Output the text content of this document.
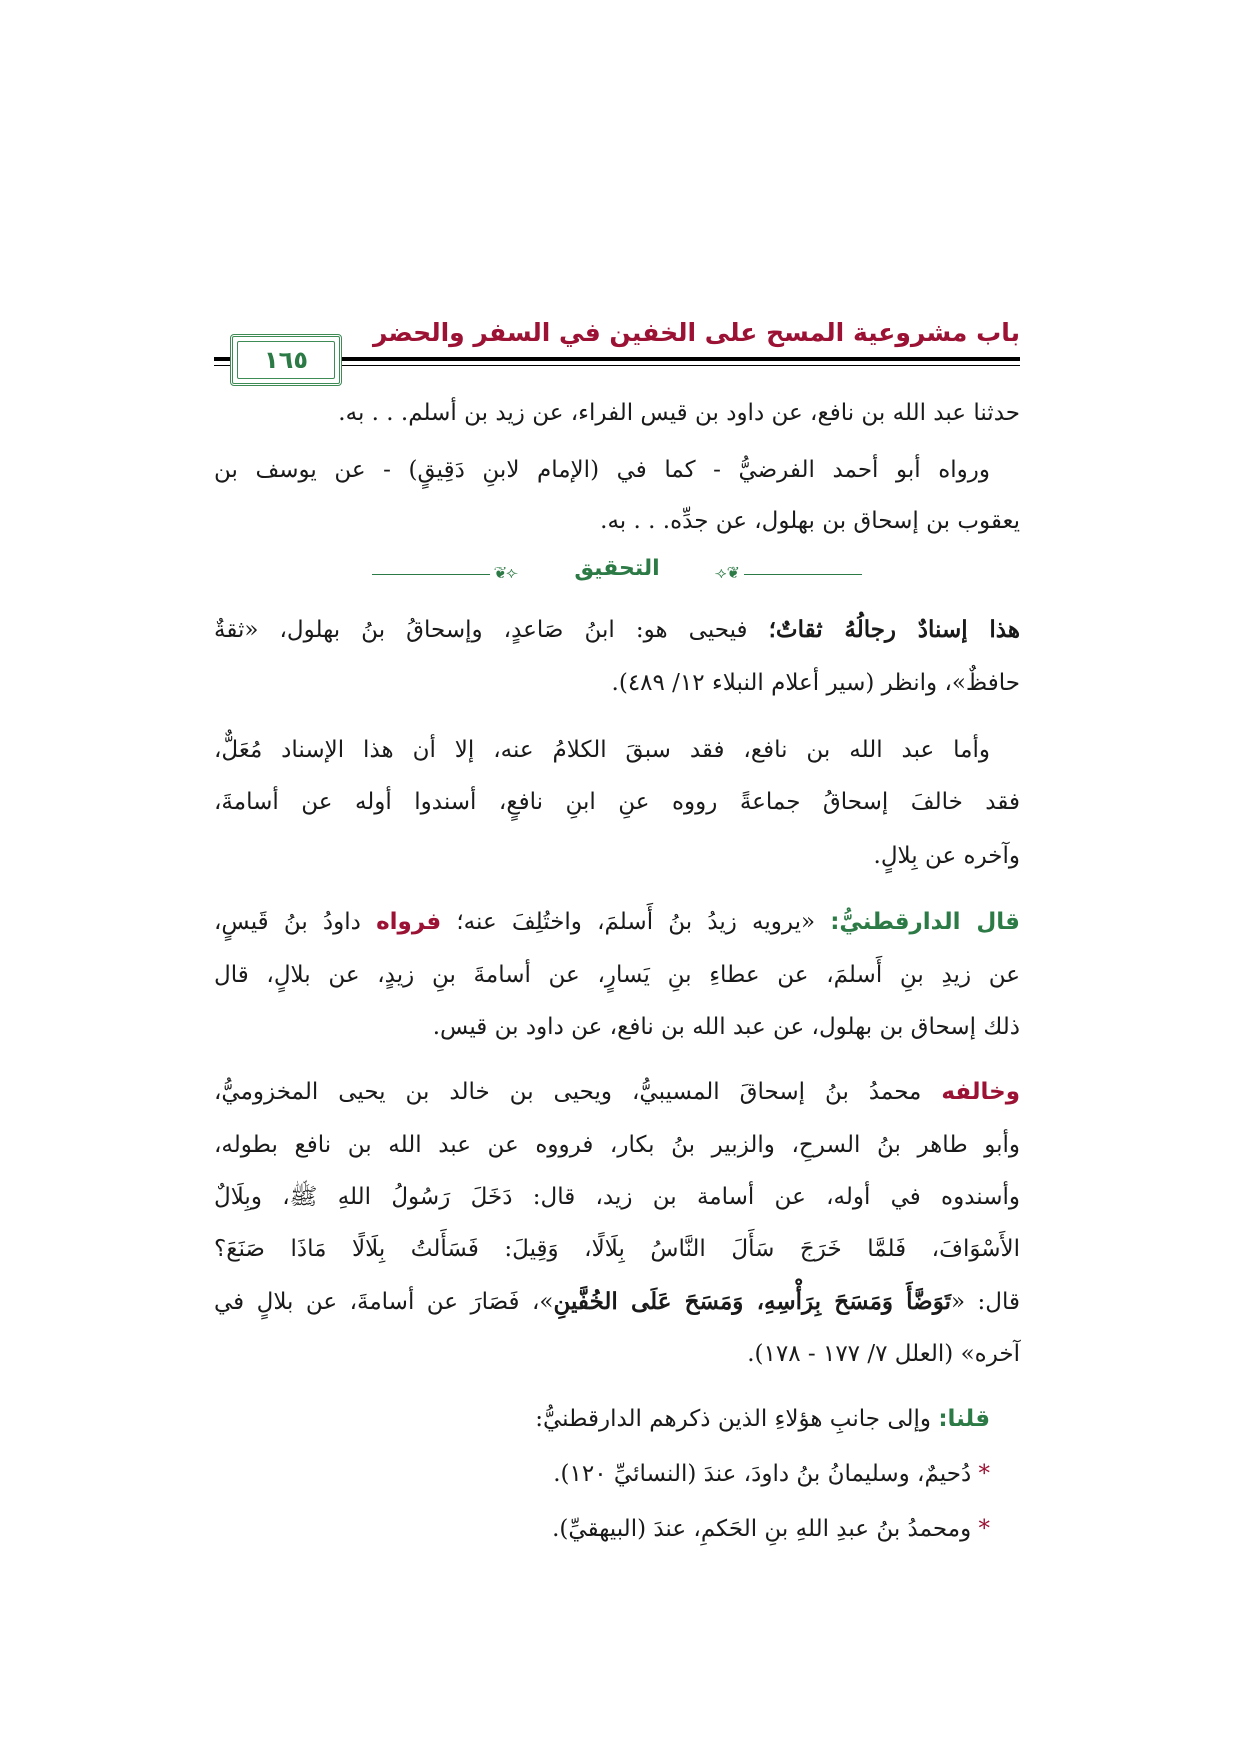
باب مشروعية المسح على الخفين في السفر والحضر
١٦٥
حدثنا عبد الله بن نافع، عن داود بن قيس الفراء، عن زيد بن أسلم. . . به.
ورواه أبو أحمد الفرضيُّ - كما في (الإمام لابنِ دَقِيقٍ) - عن يوسف بن
يعقوب بن إسحاق بن بهلول، عن جدِّه. . . به.
⟢❦	التحقيق	❦⟣
هذا إسنادٌ رجالُهُ ثقاتٌ؛ فيحيى هو: ابنُ صَاعدٍ، وإسحاقُ بنُ بهلول، «ثقةٌ
حافظٌ»، وانظر (سير أعلام النبلاء ١٢/ ٤٨٩).
وأما عبد الله بن نافع، فقد سبقَ الكلامُ عنه، إلا أن هذا الإسناد مُعَلٌّ،
فقد خالفَ إسحاقُ جماعةً رووه عنِ ابنِ نافعٍ، أسندوا أوله عن أسامةَ،
وآخره عن بِلالٍ.
قال الدارقطنيُّ: «يرويه زيدُ بنُ أَسلمَ، واختُلِفَ عنه؛ فرواه داودُ بنُ قَيسٍ،
عن زيدِ بنِ أَسلمَ، عن عطاءِ بنِ يَسارٍ، عن أسامةَ بنِ زيدٍ، عن بلالٍ، قال
ذلك إسحاق بن بهلول، عن عبد الله بن نافع، عن داود بن قيس.
وخالفه محمدُ بنُ إسحاقَ المسيبيُّ، ويحيى بن خالد بن يحيى المخزوميُّ،
وأبو طاهر بنُ السرحِ، والزبير بنُ بكار، فرووه عن عبد الله بن نافع بطوله،
وأسندوه في أوله، عن أسامة بن زيد، قال: دَخَلَ رَسُولُ اللهِ ﷺ، وبِلَالٌ
الأَسْوَافَ، فَلمَّا خَرَجَ سَأَلَ النَّاسُ بِلَالًا، وَقِيلَ: فَسَأَلتُ بِلَالًا مَاذَا صَنَعَ؟
قال: «تَوَضَّأَ وَمَسَحَ بِرَأْسِهِ، وَمَسَحَ عَلَى الخُفَّينِ»، فَصَارَ عن أسامةَ، عن بلالٍ في
آخره» (العلل ٧/ ١٧٧ - ١٧٨).
قلنا: وإلى جانبِ هؤلاءِ الذين ذكرهم الدارقطنيُّ:
* دُحيمٌ، وسليمانُ بنُ داودَ، عندَ (النسائيِّ ١٢٠).
* ومحمدُ بنُ عبدِ اللهِ بنِ الحَكمِ، عندَ (البيهقيِّ).
